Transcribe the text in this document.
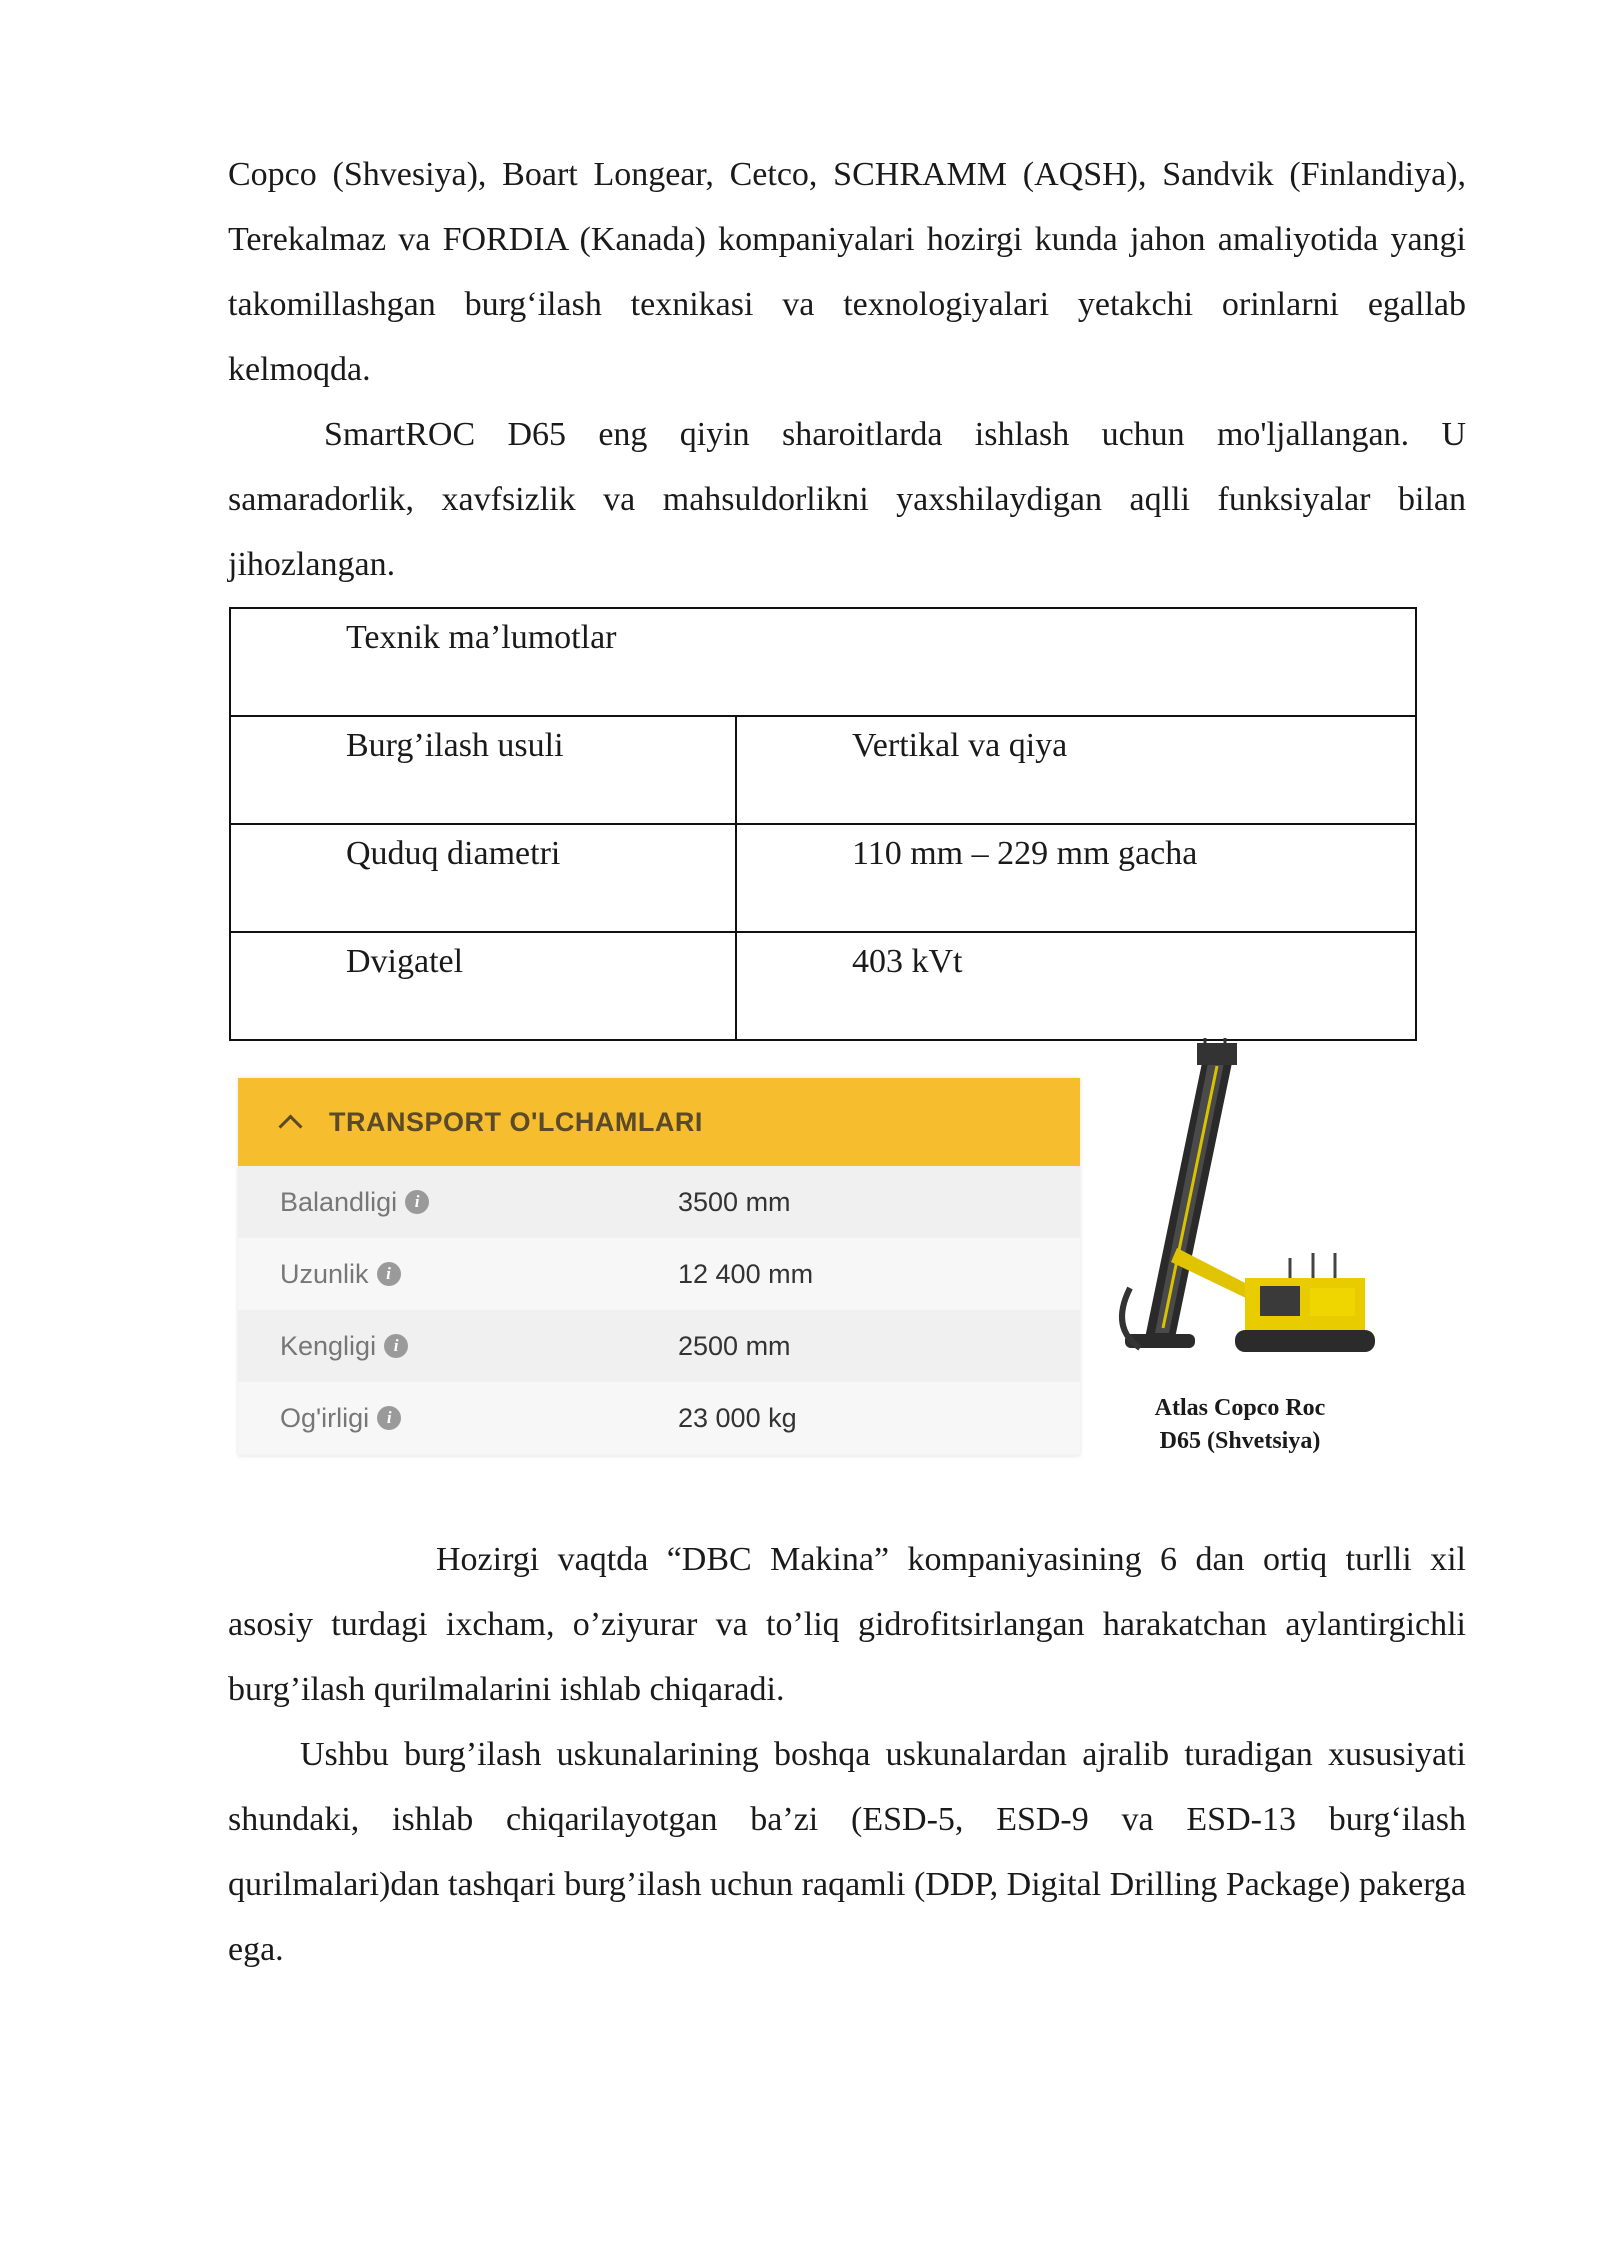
Copco (Shvesiya), Boart Longear, Cetco, SCHRAMM (AQSH), Sandvik (Finlandiya), Terekalmaz va FORDIA (Kanada) kompaniyalari hozirgi kunda jahon amaliyotida yangi takomillashgan burg‘ilash texnikasi va texnologiyalari yetakchi orinlarni egallab kelmoqda.

SmartROC D65 eng qiyin sharoitlarda ishlash uchun mo'ljallangan. U samaradorlik, xavfsizlik va mahsuldorlikni yaxshilaydigan aqlli funksiyalar bilan jihozlangan.

Texnik ma’lumotlar	
Burg’ilash usuli	Vertikal va qiya
Quduq diametri	110 mm – 229 mm gacha
Dvigatel	403 kVt
TRANSPORT O'LCHAMLARI
Balandligi	i	3500 mm
Uzunlik	i	12 400 mm
Kengligi	i	2500 mm
Og'irligi	i	23 000 kg	Atlas Copco Roc
D65 (Shvetsiya)

Hozirgi vaqtda “DBC Makina” kompaniyasining 6 dan ortiq turlli xil asosiy turdagi ixcham, o’ziyurar va to’liq gidrofitsirlangan harakatchan aylantirgichli burg’ilash qurilmalarini ishlab chiqaradi.

Ushbu burg’ilash uskunalarining boshqa uskunalardan ajralib turadigan xususiyati shundaki, ishlab chiqarilayotgan ba’zi (ESD-5, ESD-9 va ESD-13 burg‘ilash qurilmalari)dan tashqari burg’ilash uchun raqamli (DDP, Digital Drilling Package) pakerga ega.
